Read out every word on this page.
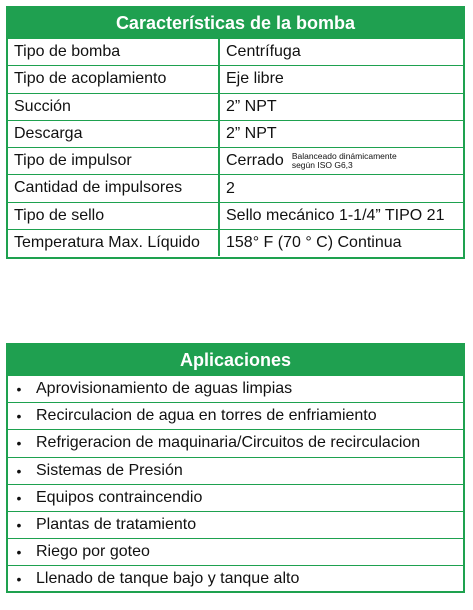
Características de la bomba
Tipo de bomba	Centrífuga
Tipo de acoplamiento	Eje libre
Succión	2” NPT
Descarga	2” NPT
Tipo de impulsor	Cerrado Balanceado dinámicamente
según ISO G6,3
Cantidad de impulsores	2
Tipo de sello	Sello mecánico 1-1/4” TIPO 21
Temperatura Max. Líquido	158° F (70 ° C) Continua
Aplicaciones
• Aprovisionamiento de aguas limpias
• Recirculacion de agua en torres de enfriamiento
• Refrigeracion de maquinaria/Circuitos de recirculacion
• Sistemas de Presión
• Equipos contraincendio
• Plantas de tratamiento
• Riego por goteo
• Llenado de tanque bajo y tanque alto
